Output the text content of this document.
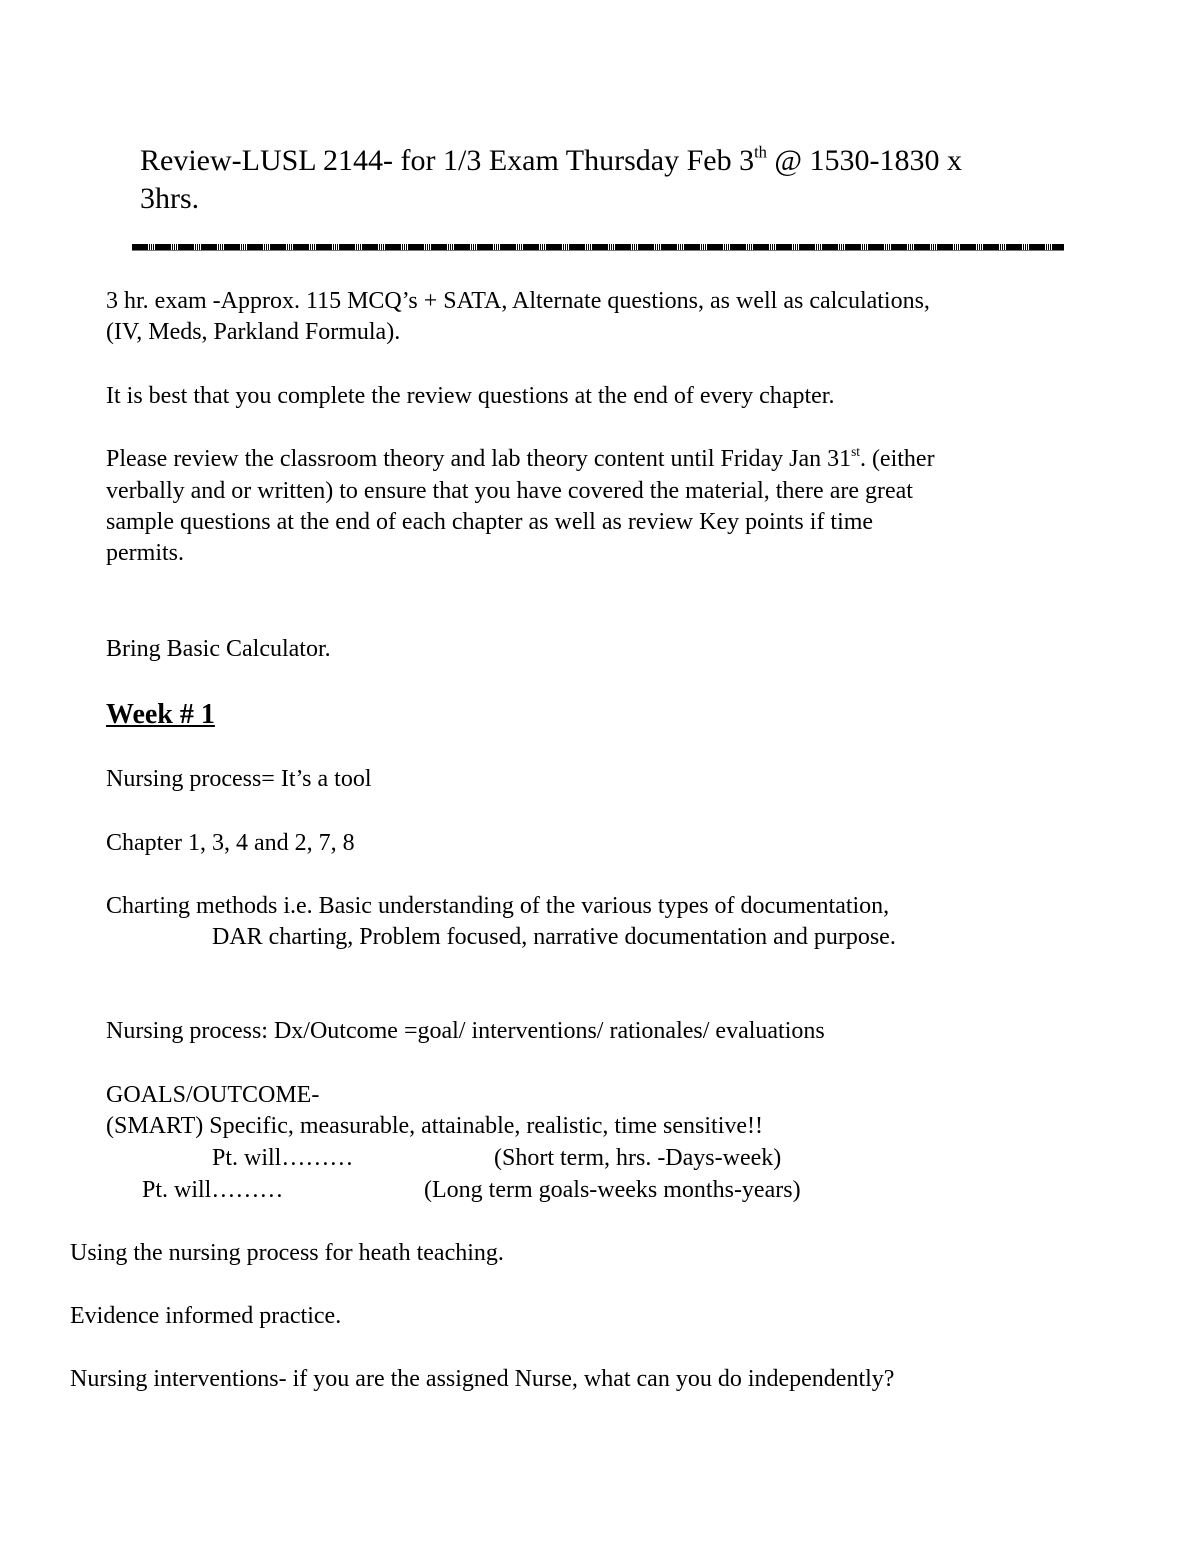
Review-LUSL 2144- for 1/3 Exam Thursday Feb 3th @ 1530-1830 x
3hrs.
3 hr. exam -Approx. 115 MCQ’s + SATA, Alternate questions, as well as calculations,
(IV, Meds, Parkland Formula).
It is best that you complete the review questions at the end of every chapter.
Please review the classroom theory and lab theory content until Friday Jan 31st. (either
verbally and or written) to ensure that you have covered the material, there are great
sample questions at the end of each chapter as well as review Key points if time
permits.
Bring Basic Calculator.
Week # 1
Nursing process= It’s a tool
Chapter 1, 3, 4 and 2, 7, 8
Charting methods i.e. Basic understanding of the various types of documentation,
DAR charting, Problem focused, narrative documentation and purpose.
Nursing process: Dx/Outcome =goal/ interventions/ rationales/ evaluations
GOALS/OUTCOME-
(SMART) Specific, measurable, attainable, realistic, time sensitive!!
Pt. will………	(Short term, hrs. -Days-week)
Pt. will………	(Long term goals-weeks months-years)
Using the nursing process for heath teaching.
Evidence informed practice.
Nursing interventions- if you are the assigned Nurse, what can you do independently?
